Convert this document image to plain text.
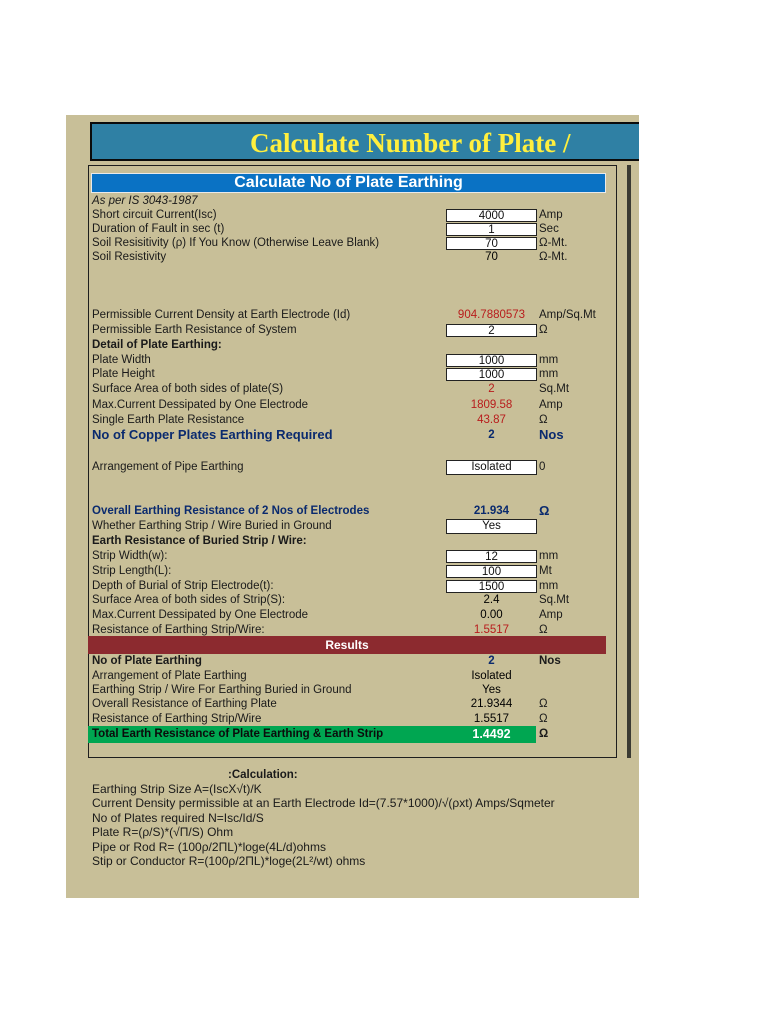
Calculate Number of Plate /
Calculate No of Plate Earthing
As per IS 3043-1987
Short circuit Current(Isc)	4000	Amp
Duration of Fault in sec (t)	1	Sec
Soil Resisitivity (ρ) If You Know (Otherwise Leave Blank)	70	Ω-Mt.
Soil Resistivity	70	Ω-Mt.
Permissible Current Density at Earth Electrode (Id)	904.7880573	Amp/Sq.Mt
Permissible Earth Resistance of System	2	Ω
Detail of Plate Earthing:
Plate Width	1000	mm
Plate Height	1000	mm
Surface Area of both sides of plate(S)	2	Sq.Mt
Max.Current Dessipated by One Electrode	1809.58	Amp
Single Earth Plate Resistance	43.87	Ω
No of Copper Plates Earthing Required	2	Nos
Arrangement of Pipe Earthing	Isolated	0
Overall Earthing Resistance of 2 Nos of Electrodes	21.934	Ω
Whether Earthing Strip / Wire Buried in Ground	Yes
Earth Resistance of Buried Strip / Wire:
Strip Width(w):	12	mm
Strip Length(L):	100	Mt
Depth of Burial of Strip Electrode(t):	1500	mm
Surface Area of both sides of Strip(S):	2.4	Sq.Mt
Max.Current Dessipated by One Electrode	0.00	Amp
Resistance of Earthing Strip/Wire:	1.5517	Ω
Results
No of Plate Earthing	2	Nos
Arrangement of Plate Earthing	Isolated
Earthing Strip / Wire For Earthing Buried in Ground	Yes
Overall Resistance of Earthing Plate	21.9344	Ω
Resistance of Earthing Strip/Wire	1.5517	Ω
Total Earth Resistance of Plate Earthing & Earth Strip	1.4492	Ω
:Calculation:
Earthing Strip Size A=(IscX√t)/K
Current Density permissible at an Earth Electrode Id=(7.57*1000)/√(ρxt) Amps/Sqmeter
No of Plates required N=Isc/Id/S
Plate R=(ρ/S)*(√Π/S) Ohm
Pipe or Rod R= (100ρ/2ΠL)*loge(4L/d)ohms
Stip or Conductor R=(100ρ/2ΠL)*loge(2L²/wt) ohms
